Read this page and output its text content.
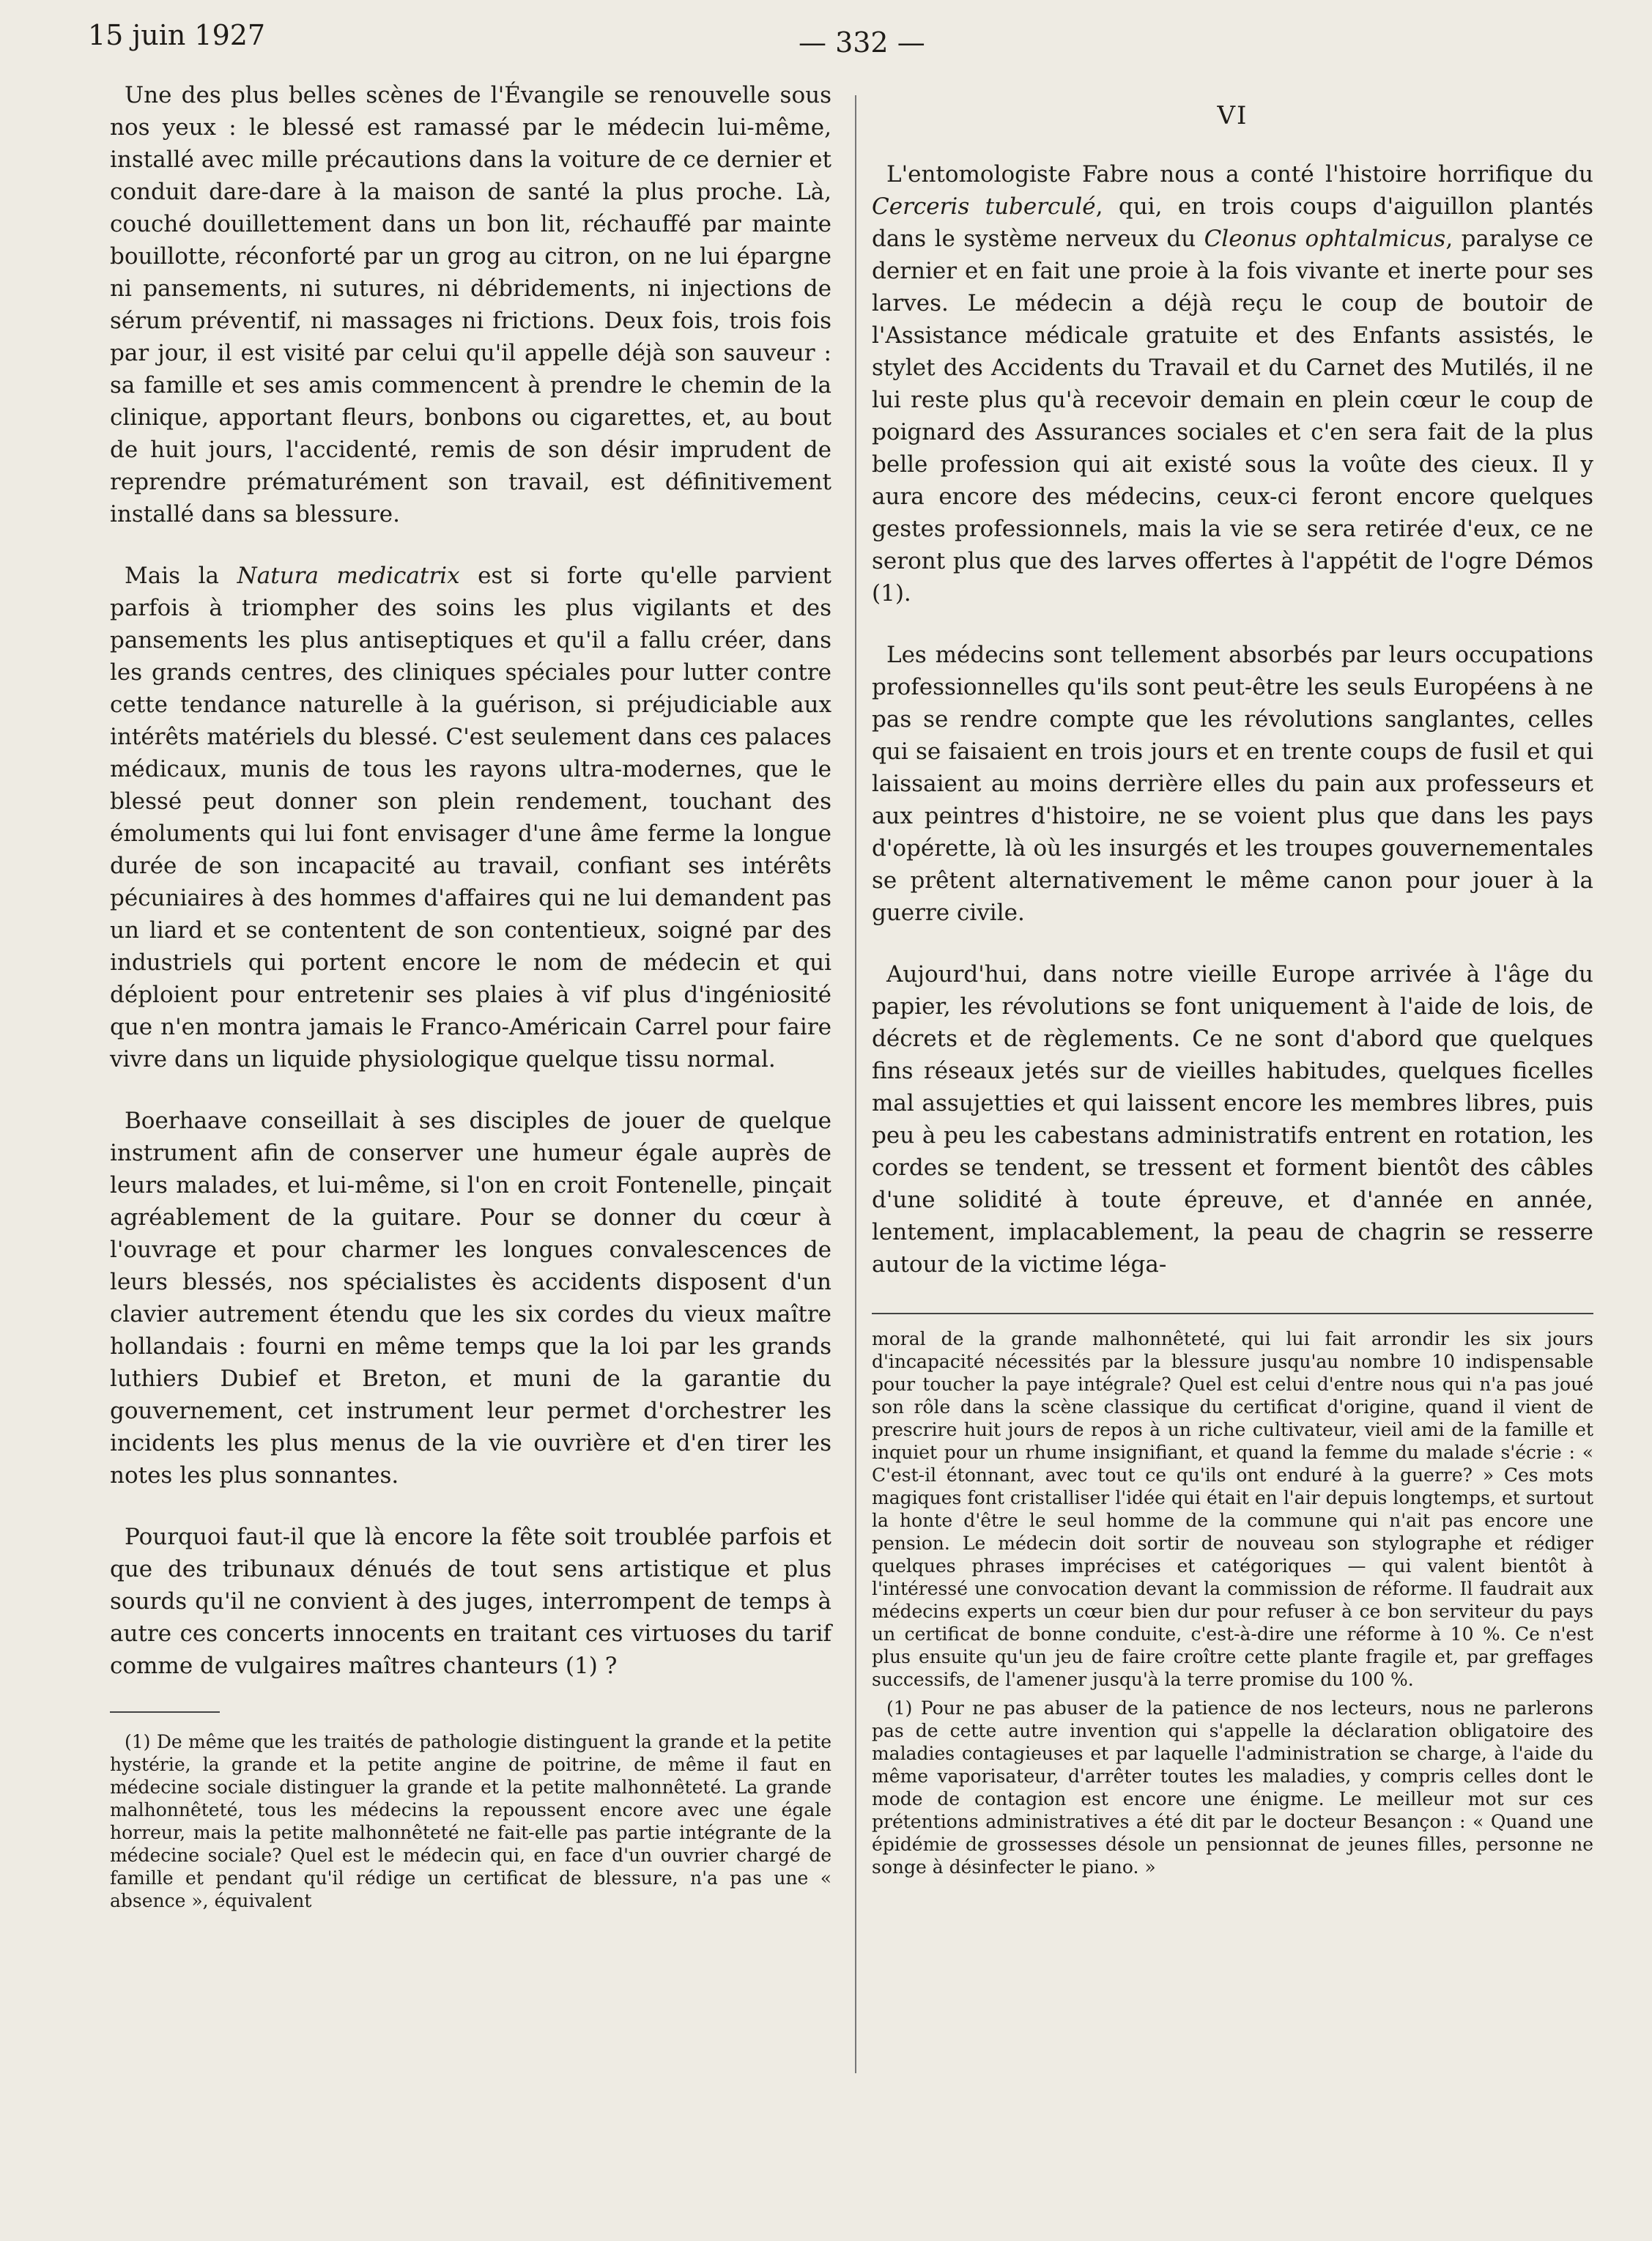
15 juin 1927	— 332 —

Une des plus belles scènes de l'Évangile se renouvelle sous nos yeux : le blessé est ramassé par le médecin lui-même, installé avec mille précautions dans la voiture de ce dernier et conduit dare-dare à la maison de santé la plus proche. Là, couché douillettement dans un bon lit, réchauffé par mainte bouillotte, réconforté par un grog au citron, on ne lui épargne ni pansements, ni sutures, ni débridements, ni injections de sérum préventif, ni massages ni frictions. Deux fois, trois fois par jour, il est visité par celui qu'il appelle déjà son sauveur : sa famille et ses amis commencent à prendre le chemin de la clinique, apportant fleurs, bonbons ou cigarettes, et, au bout de huit jours, l'accidenté, remis de son désir imprudent de reprendre prématurément son travail, est définitivement installé dans sa blessure.

Mais la Natura medicatrix est si forte qu'elle parvient parfois à triompher des soins les plus vigilants et des pansements les plus antiseptiques et qu'il a fallu créer, dans les grands centres, des cliniques spéciales pour lutter contre cette tendance naturelle à la guérison, si préjudiciable aux intérêts matériels du blessé. C'est seulement dans ces palaces médicaux, munis de tous les rayons ultra-modernes, que le blessé peut donner son plein rendement, touchant des émoluments qui lui font envisager d'une âme ferme la longue durée de son incapacité au travail, confiant ses intérêts pécuniaires à des hommes d'affaires qui ne lui demandent pas un liard et se contentent de son contentieux, soigné par des industriels qui portent encore le nom de médecin et qui déploient pour entretenir ses plaies à vif plus d'ingéniosité que n'en montra jamais le Franco-Américain Carrel pour faire vivre dans un liquide physiologique quelque tissu normal.

Boerhaave conseillait à ses disciples de jouer de quelque instrument afin de conserver une humeur égale auprès de leurs malades, et lui-même, si l'on en croit Fontenelle, pinçait agréablement de la guitare. Pour se donner du cœur à l'ouvrage et pour charmer les longues convalescences de leurs blessés, nos spécialistes ès accidents disposent d'un clavier autrement étendu que les six cordes du vieux maître hollandais : fourni en même temps que la loi par les grands luthiers Dubief et Breton, et muni de la garantie du gouvernement, cet instrument leur permet d'orchestrer les incidents les plus menus de la vie ouvrière et d'en tirer les notes les plus sonnantes.

Pourquoi faut-il que là encore la fête soit troublée parfois et que des tribunaux dénués de tout sens artistique et plus sourds qu'il ne convient à des juges, interrompent de temps à autre ces concerts innocents en traitant ces virtuoses du tarif comme de vulgaires maîtres chanteurs (1) ?

(1) De même que les traités de pathologie distinguent la grande et la petite hystérie, la grande et la petite angine de poitrine, de même il faut en médecine sociale distinguer la grande et la petite malhonnêteté. La grande malhonnêteté, tous les médecins la repoussent encore avec une égale horreur, mais la petite malhonnêteté ne fait-elle pas partie intégrante de la médecine sociale? Quel est le médecin qui, en face d'un ouvrier chargé de famille et pendant qu'il rédige un certificat de blessure, n'a pas une « absence », équivalent

VI

L'entomologiste Fabre nous a conté l'histoire horrifique du Cerceris tuberculé, qui, en trois coups d'aiguillon plantés dans le système nerveux du Cleonus ophtalmicus, paralyse ce dernier et en fait une proie à la fois vivante et inerte pour ses larves. Le médecin a déjà reçu le coup de boutoir de l'Assistance médicale gratuite et des Enfants assistés, le stylet des Accidents du Travail et du Carnet des Mutilés, il ne lui reste plus qu'à recevoir demain en plein cœur le coup de poignard des Assurances sociales et c'en sera fait de la plus belle profession qui ait existé sous la voûte des cieux. Il y aura encore des médecins, ceux-ci feront encore quelques gestes professionnels, mais la vie se sera retirée d'eux, ce ne seront plus que des larves offertes à l'appétit de l'ogre Démos (1).

Les médecins sont tellement absorbés par leurs occupations professionnelles qu'ils sont peut-être les seuls Européens à ne pas se rendre compte que les révolutions sanglantes, celles qui se faisaient en trois jours et en trente coups de fusil et qui laissaient au moins derrière elles du pain aux professeurs et aux peintres d'histoire, ne se voient plus que dans les pays d'opérette, là où les insurgés et les troupes gouvernementales se prêtent alternativement le même canon pour jouer à la guerre civile.

Aujourd'hui, dans notre vieille Europe arrivée à l'âge du papier, les révolutions se font uniquement à l'aide de lois, de décrets et de règlements. Ce ne sont d'abord que quelques fins réseaux jetés sur de vieilles habitudes, quelques ficelles mal assujetties et qui laissent encore les membres libres, puis peu à peu les cabestans administratifs entrent en rotation, les cordes se tendent, se tressent et forment bientôt des câbles d'une solidité à toute épreuve, et d'année en année, lentement, implacablement, la peau de chagrin se resserre autour de la victime léga-

moral de la grande malhonnêteté, qui lui fait arrondir les six jours d'incapacité nécessités par la blessure jusqu'au nombre 10 indispensable pour toucher la paye intégrale? Quel est celui d'entre nous qui n'a pas joué son rôle dans la scène classique du certificat d'origine, quand il vient de prescrire huit jours de repos à un riche cultivateur, vieil ami de la famille et inquiet pour un rhume insignifiant, et quand la femme du malade s'écrie : « C'est-il étonnant, avec tout ce qu'ils ont enduré à la guerre? » Ces mots magiques font cristalliser l'idée qui était en l'air depuis longtemps, et surtout la honte d'être le seul homme de la commune qui n'ait pas encore une pension. Le médecin doit sortir de nouveau son stylographe et rédiger quelques phrases imprécises et catégoriques — qui valent bientôt à l'intéressé une convocation devant la commission de réforme. Il faudrait aux médecins experts un cœur bien dur pour refuser à ce bon serviteur du pays un certificat de bonne conduite, c'est-à-dire une réforme à 10 %. Ce n'est plus ensuite qu'un jeu de faire croître cette plante fragile et, par greffages successifs, de l'amener jusqu'à la terre promise du 100 %.

(1) Pour ne pas abuser de la patience de nos lecteurs, nous ne parlerons pas de cette autre invention qui s'appelle la déclaration obligatoire des maladies contagieuses et par laquelle l'administration se charge, à l'aide du même vaporisateur, d'arrêter toutes les maladies, y compris celles dont le mode de contagion est encore une énigme. Le meilleur mot sur ces prétentions administratives a été dit par le docteur Besançon : « Quand une épidémie de grossesses désole un pensionnat de jeunes filles, personne ne songe à désinfecter le piano. »
